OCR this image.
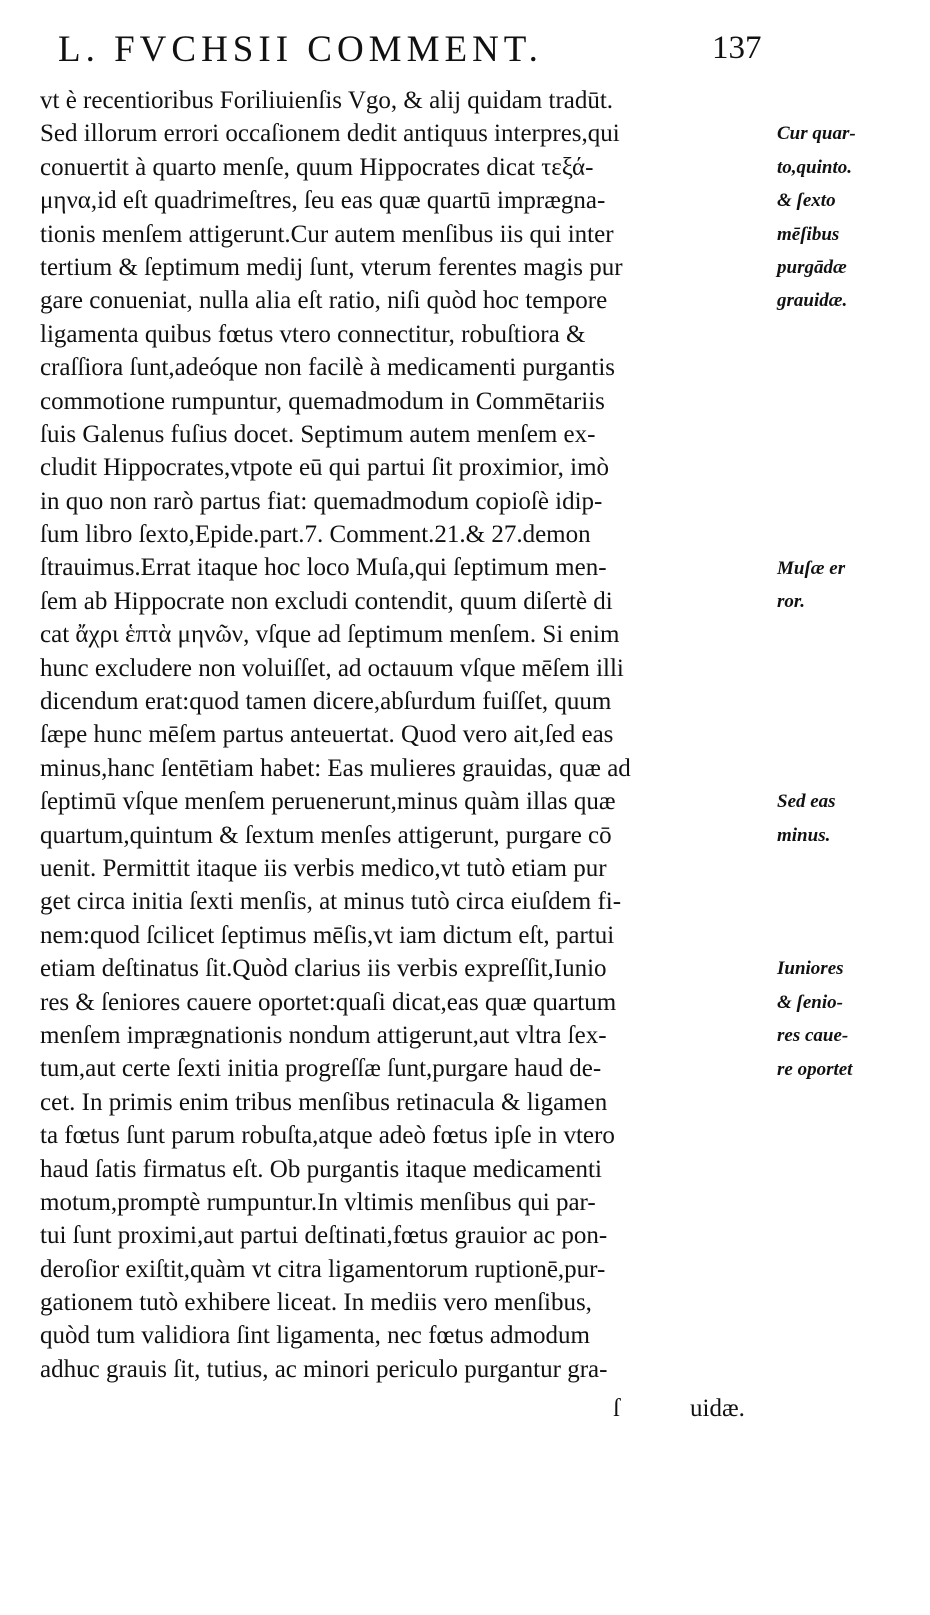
L. FVCHSII COMMENT.	137
vt è recentioribus Foriliuienſis Vgo, & alij quidam tradūt.
Sed illorum errori occaſionem dedit antiquus interpres,qui
conuertit à quarto menſe, quum Hippocrates dicat τεξά-
μηνα,id eſt quadrimeſtres, ſeu eas quæ quartū imprægna-
tionis menſem attigerunt.Cur autem menſibus iis qui inter
tertium & ſeptimum medij ſunt, vterum ferentes magis pur
gare conueniat, nulla alia eſt ratio, niſi quòd hoc tempore
ligamenta quibus fœtus vtero connectitur, robuſtiora &
craſſiora ſunt,adeóque non facilè à medicamenti purgantis
commotione rumpuntur, quemadmodum in Commētariis
ſuis Galenus fuſius docet. Septimum autem menſem ex-
cludit Hippocrates,vtpote eū qui partui ſit proximior, imò
in quo non rarò partus fiat: quemadmodum copioſè idip-
ſum libro ſexto,Epide.part.7. Comment.21.& 27.demon
ſtrauimus.Errat itaque hoc loco Muſa,qui ſeptimum men-
ſem ab Hippocrate non excludi contendit, quum diſertè di
cat ἄχρι ἑπτὰ μηνῶν, vſque ad ſeptimum menſem. Si enim
hunc excludere non voluiſſet, ad octauum vſque mēſem illi
dicendum erat:quod tamen dicere,abſurdum fuiſſet, quum
ſæpe hunc mēſem partus anteuertat. Quod vero ait,ſed eas
minus,hanc ſentētiam habet: Eas mulieres grauidas, quæ ad
ſeptimū vſque menſem peruenerunt,minus quàm illas quæ
quartum,quintum & ſextum menſes attigerunt, purgare cō
uenit. Permittit itaque iis verbis medico,vt tutò etiam pur
get circa initia ſexti menſis, at minus tutò circa eiuſdem fi-
nem:quod ſcilicet ſeptimus mēſis,vt iam dictum eſt, partui
etiam deſtinatus ſit.Quòd clarius iis verbis expreſſit,Iunio
res & ſeniores cauere oportet:quaſi dicat,eas quæ quartum
menſem imprægnationis nondum attigerunt,aut vltra ſex-
tum,aut certe ſexti initia progreſſæ ſunt,purgare haud de-
cet. In primis enim tribus menſibus retinacula & ligamen
ta fœtus ſunt parum robuſta,atque adeò fœtus ipſe in vtero
haud ſatis firmatus eſt. Ob purgantis itaque medicamenti
motum,promptè rumpuntur.In vltimis menſibus qui par-
tui ſunt proximi,aut partui deſtinati,fœtus grauior ac pon-
deroſior exiſtit,quàm vt citra ligamentorum ruptionē,pur-
gationem tutò exhibere liceat. In mediis vero menſibus,
quòd tum validiora ſint ligamenta, nec fœtus admodum
adhuc grauis ſit, tutius, ac minori periculo purgantur gra-
Cur quar-
to,quinto.
& ſexto
mēſibus
purgādæ
grauidæ.
Muſæ er
ror.
Sed eas
minus.
Iuniores
& ſenio-
res caue-
re oportet
ſ	uidæ.
